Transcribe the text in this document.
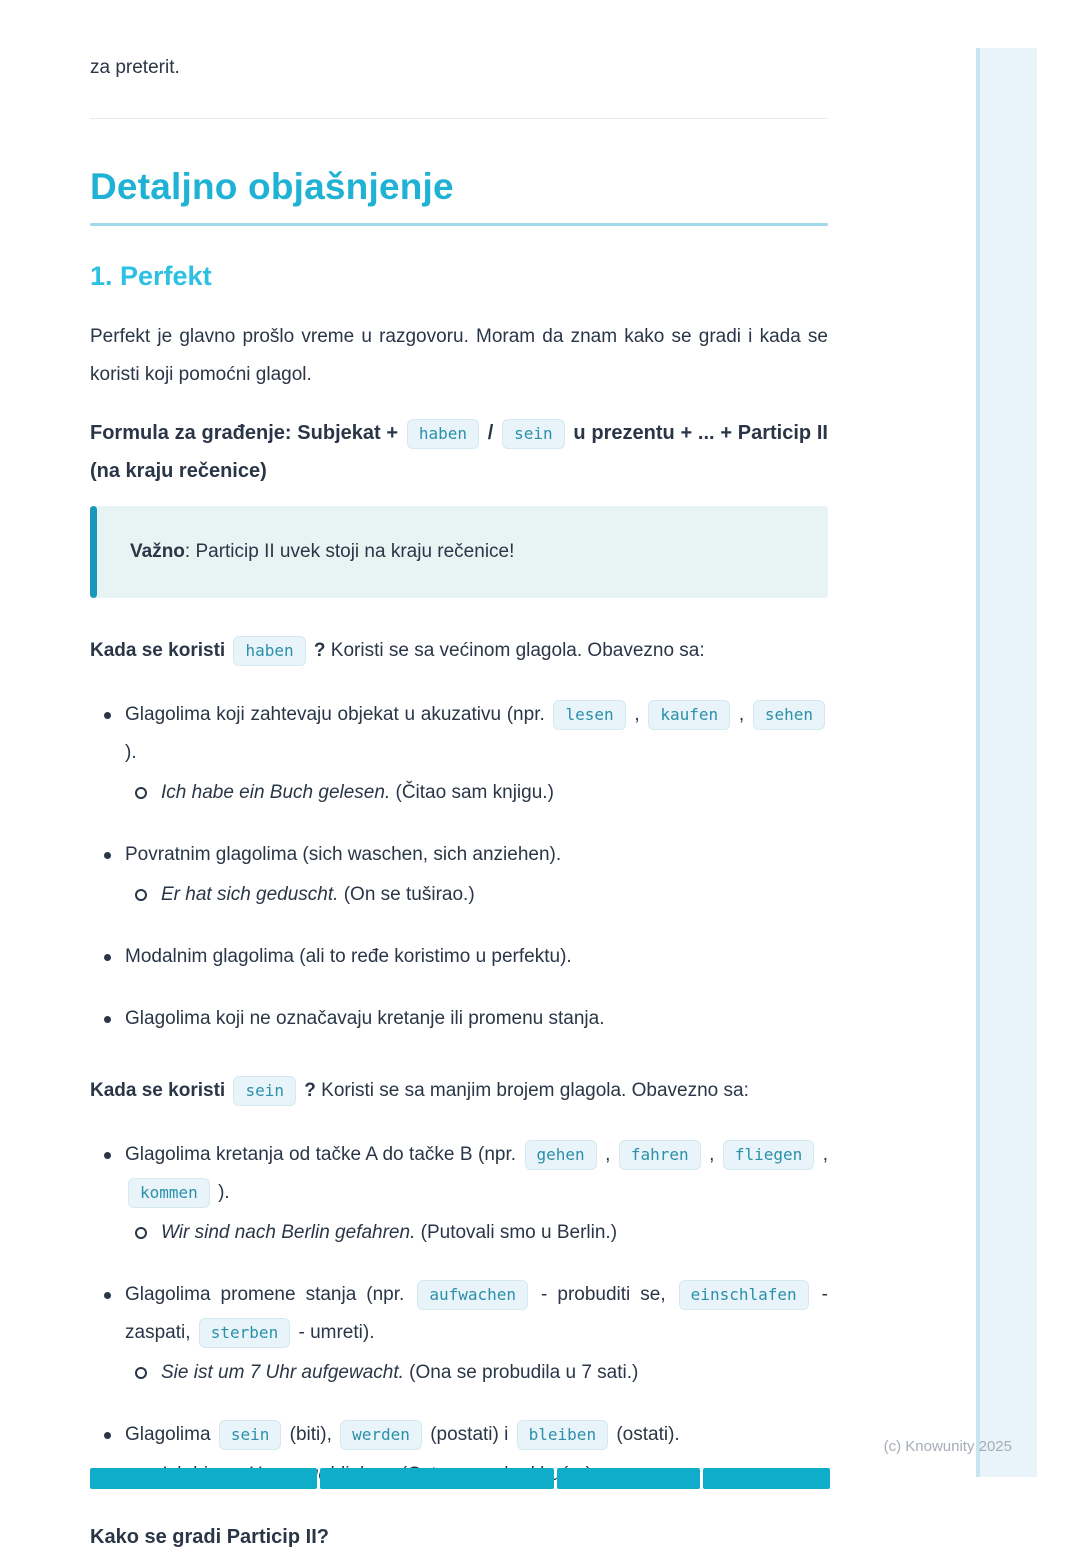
za preterit.

Detaljno objašnjenje
1. Perfekt

Perfekt je glavno prošlo vreme u razgovoru. Moram da znam kako se gradi i kada se koristi koji pomoćni glagol.

Formula za građenje: Subjekat + haben / sein u prezentu + ... + Particip II (na kraju rečenice)

Važno: Particip II uvek stoji na kraju rečenice!

Kada se koristi haben ? Koristi se sa većinom glagola. Obavezno sa:

Glagolima koji zahtevaju objekat u akuzativu (npr. lesen , kaufen , sehen ).

Ich habe ein Buch gelesen. (Čitao sam knjigu.)

Povratnim glagolima (sich waschen, sich anziehen).

Er hat sich geduscht. (On se tuširao.)

Modalnim glagolima (ali to ređe koristimo u perfektu).

Glagolima koji ne označavaju kretanje ili promenu stanja.

Kada se koristi sein ? Koristi se sa manjim brojem glagola. Obavezno sa:

Glagolima kretanja od tačke A do tačke B (npr. gehen , fahren , fliegen , kommen ).

Wir sind nach Berlin gefahren. (Putovali smo u Berlin.)

Glagolima promene stanja (npr. aufwachen - probuditi se, einschlafen - zaspati, sterben - umreti).

Sie ist um 7 Uhr aufgewacht. (Ona se probudila u 7 sati.)

Glagolima sein (biti), werden (postati) i bleiben (ostati).

Kako se gradi Particip II?

(c) Knowunity 2025
